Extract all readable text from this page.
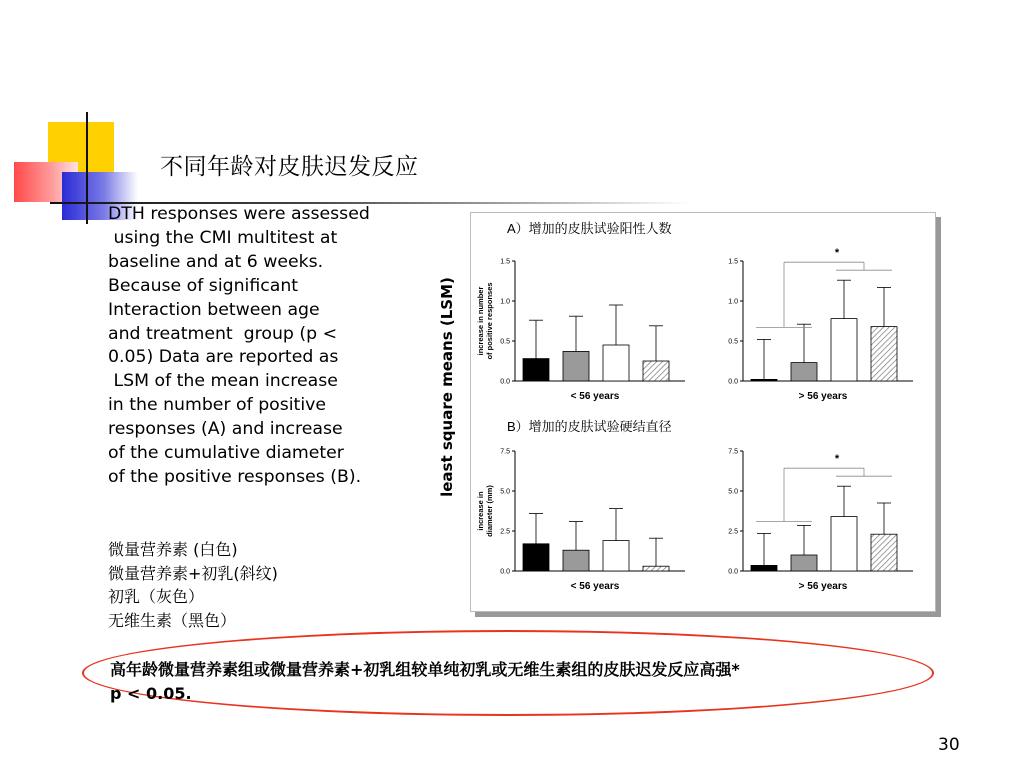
不同年龄对皮肤迟发反应
DTH responses were assessed
using the CMI multitest at
baseline and at 6 weeks.
Because of significant
Interaction between age
and treatment  group (p <
0.05) Data are reported as
LSM of the mean increase
in the number of positive
responses (A) and increase
of the cumulative diameter
of the positive responses (B).
微量营养素 (白色)
微量营养素+初乳(斜纹)
初乳（灰色）
无维生素（黑色）
least square means (LSM)
A）增加的皮肤试验阳性人数
increase in numberof positive responses
0.0
0.5
1.0
1.5
< 56 years
0.0
0.5
1.0
1.5
> 56 years
*
B）增加的皮肤试验硬结直径
increase indiameter (mm)
0.0
2.5
5.0
7.5
< 56 years
0.0
2.5
5.0
7.5
> 56 years
*
高年龄微量营养素组或微量营养素+初乳组较单纯初乳或无维生素组的皮肤迟发反应高强*
p < 0.05.
30
